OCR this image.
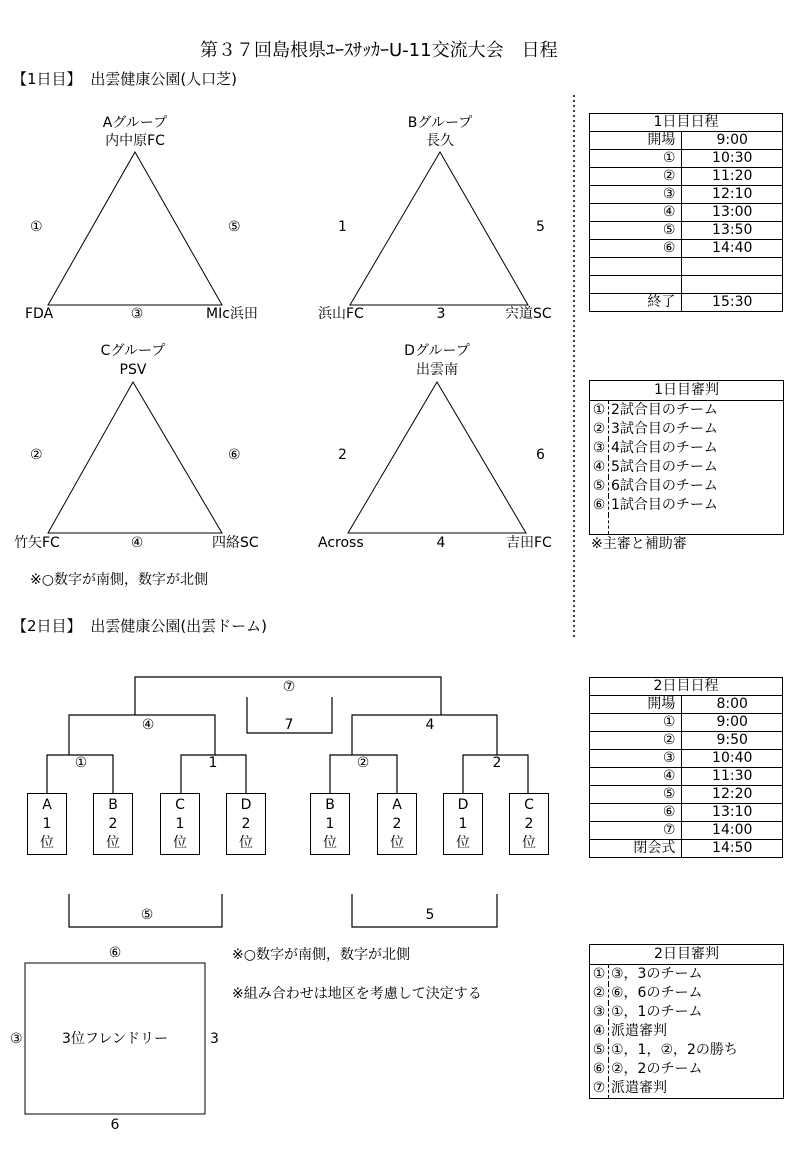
第３７回島根県ﾕｰｽｻｯｶｰU-11交流大会　日程
【1日目】 出雲健康公園(人口芝)
Aグループ
内中原FC
①	⑤
FDA	③	MIc浜田
Bグループ
長久
1	5
浜山FC	3	宍道SC
Cグループ
PSV
②	⑥
竹矢FC	④	四絡SC
Dグループ
出雲南
2	6
Across	4	吉田FC
※○数字が南側，数字が北側
1日目日程	
開場	9:00
①	10:30
②	11:20
③	12:10
④	13:00
⑤	13:50
⑥	14:40

終了	15:30
1日目審判
① 2試合目のチーム
② 3試合目のチーム
③ 4試合目のチーム
④ 5試合目のチーム
⑤ 6試合目のチーム
⑥ 1試合目のチーム
※主審と補助審
【2日目】 出雲健康公園(出雲ドーム)
⑦
7
④	4
①	1	②	2
A
1
位
B
2
位
C
1
位
D
2
位
B
1
位
A
2
位
D
1
位
C
2
位
⑤	5
⑥
③	3
3位フレンドリー
6
※○数字が南側，数字が北側
※組み合わせは地区を考慮して決定する
2日目日程	
開場	8:00
①	9:00
②	9:50
③	10:40
④	11:30
⑤	12:20
⑥	13:10
⑦	14:00
閉会式	14:50
2日目審判
① ③，3のチーム
② ⑥，6のチーム
③ ①，1のチーム
④ 派遣審判
⑤ ①，1，②，2の勝ち
⑥ ②，2のチーム
⑦ 派遣審判
